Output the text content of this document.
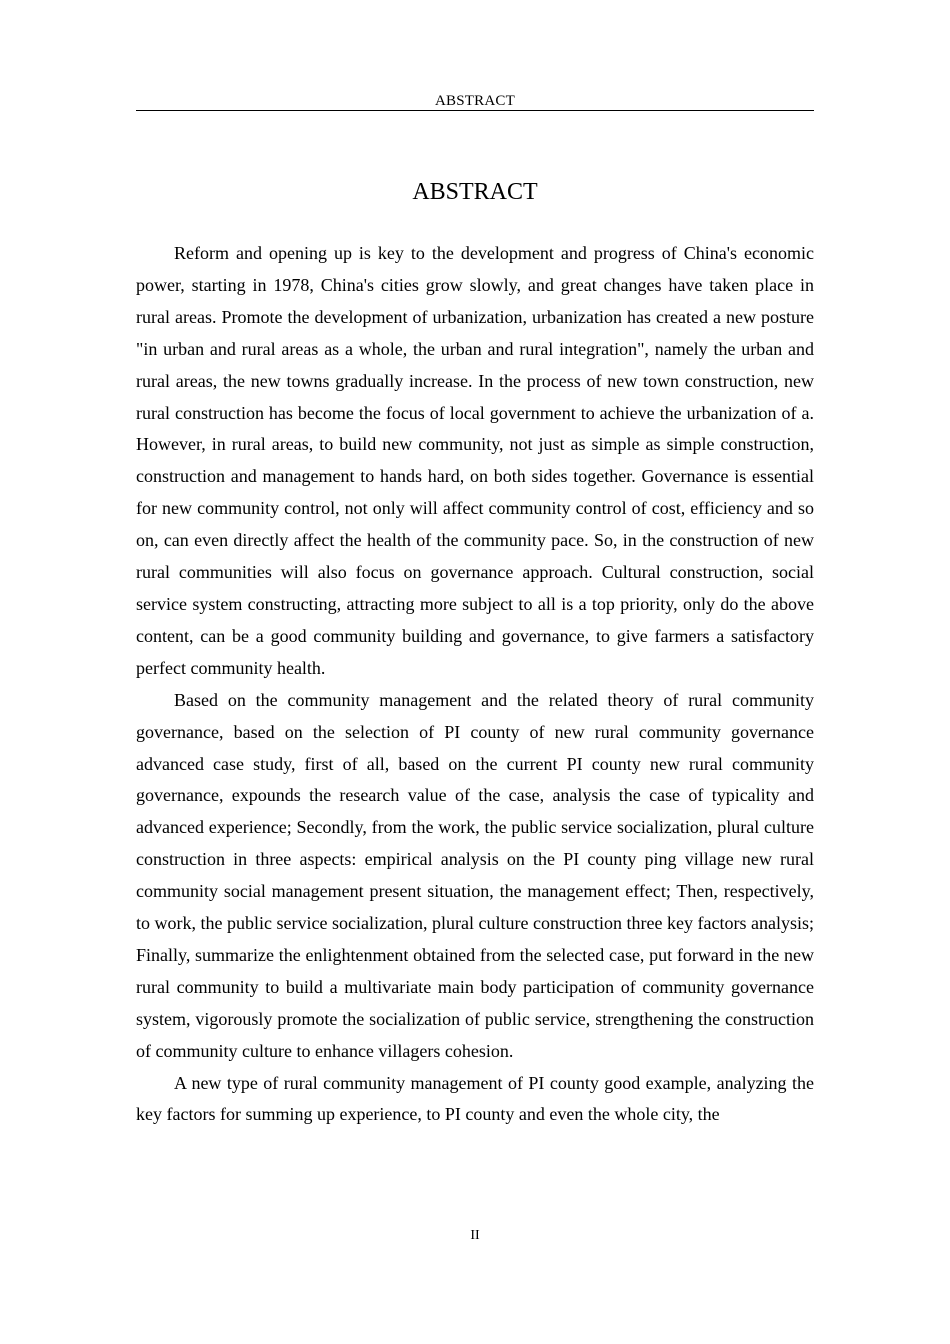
ABSTRACT
ABSTRACT

Reform and opening up is key to the development and progress of China's economic power, starting in 1978, China's cities grow slowly, and great changes have taken place in rural areas. Promote the development of urbanization, urbanization has created a new posture "in urban and rural areas as a whole, the urban and rural integration", namely the urban and rural areas, the new towns gradually increase. In the process of new town construction, new rural construction has become the focus of local government to achieve the urbanization of a. However, in rural areas, to build new community, not just as simple as simple construction, construction and management to hands hard, on both sides together. Governance is essential for new community control, not only will affect community control of cost, efficiency and so on, can even directly affect the health of the community pace. So, in the construction of new rural communities will also focus on governance approach. Cultural construction, social service system constructing, attracting more subject to all is a top priority, only do the above content, can be a good community building and governance, to give farmers a satisfactory perfect community health.

Based on the community management and the related theory of rural community governance, based on the selection of PI county of new rural community governance advanced case study, first of all, based on the current PI county new rural community governance, expounds the research value of the case, analysis the case of typicality and advanced experience; Secondly, from the work, the public service socialization, plural culture construction in three aspects: empirical analysis on the PI county ping village new rural community social management present situation, the management effect; Then, respectively, to work, the public service socialization, plural culture construction three key factors analysis; Finally, summarize the enlightenment obtained from the selected case, put forward in the new rural community to build a multivariate main body participation of community governance system, vigorously promote the socialization of public service, strengthening the construction of community culture to enhance villagers cohesion.

A new type of rural community management of PI county good example, analyzing the key factors for summing up experience, to PI county and even the whole city, the

II
